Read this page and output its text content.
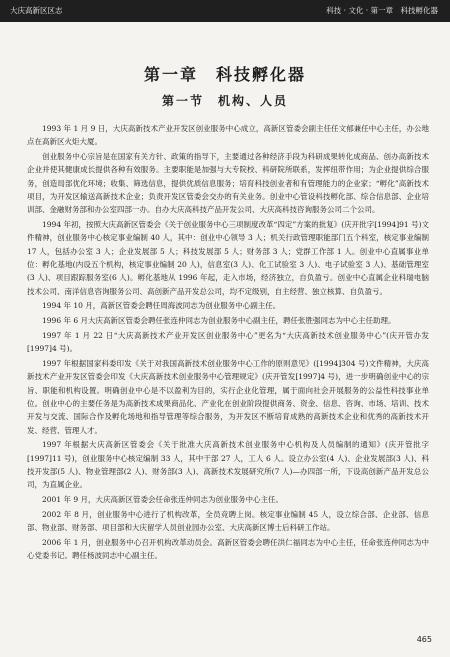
大庆高新区区志	科技 · 文化 · 第一章　科技孵化器
第一章　科技孵化器
第一节　机构、人员

1993 年 1 月 9 日，大庆高新技术产业开发区创业服务中心成立，高新区管委会副主任任文郁兼任中心主任，办公地点在高新区火炬大厦。

创业服务中心宗旨是在国家有关方针、政策的指导下，主要通过各种经济手段为科研成果转化成商品、创办高新技术企业并使其健康成长提供各种有效服务。主要职能是加强与大专院校、科研院所联系，发挥纽带作用；为企业提供综合服务，创造局部优化环境；收集、筛选信息，提供优质信息服务；培育科技创业者和有管理能力的企业家；“孵化”高新技术项目，为开发区输送高新技术企业；负责开发区管委会交办的有关业务。创业中心管设科技孵化部、综合信息部、企业培训部、金融财务部和办公室四部一办。自办大庆高科技产品开发公司、大庆高科技咨询服务公司二个公司。

1994 年初，按照大庆高新区管委会《关于创业服务中心三项制度改革“四定”方案的批复》(庆开批字[1994]91 号)文件精神，创业服务中心核定事业编制 40 人，其中：创业中心领导 3 人；机关行政管理职能部门五个科室，核定事业编制 17 人，包括办公室 3 人；企业发展部 5 人；科技发展部 5 人；财务部 3 人；党群工作部 1 人。创业中心直属事业单位：孵化基地(内设五个机构，核定事业编制 20 人)，信息室(3 人)、化工试验室 3 人)、电子试验室 3 人)、基础管理室(3 人)、项目跟踪服务室(6 人)。孵化基地从 1996 年起，走入市场，经济独立，自负盈亏。创业中心直属企业科瑞电脑技术公司、南洋信息咨询服务公司、高创新产品开发总公司，均不定级别，自主经营、独立核算、自负盈亏。

1994 年 10 月，高新区管委会聘任周海波同志为创业服务中心副主任。

1996 年 6 月大庆高新区管委会聘任张连仲同志为创业服务中心副主任，聘任张胜强同志为中心主任助理。

1997 年 1 月 22 日“大庆高新技术产业开发区创业服务中心”更名为“大庆高新技术创业服务中心”(庆开管办发[1997]4 号)。

1997 年根据国家科委印发《关于对我国高新技术创业服务中心工作的原则意见》([1994]304 号)文件精神，大庆高新技术产业开发区管委会印发《大庆高新技术创业服务中心管理规定》(庆开管发[1997]4 号)，进一步明确创业中心的宗旨、职能和机构设置。明确创业中心是不以盈利为目的，实行企业化管理，属于面向社会开展服务的公益性科技事业单位。创业中心的主要任务是为高新技术成果商品化、产业化在创业阶段提供商务、资金、信息、咨询、市场、培训、技术开发与交流、国际合作及孵化场地和指导管理等综合服务，为开发区不断培育成熟的高新技术企业和优秀的高新技术开发、经营、管理人才。

1997 年根据大庆高新区管委会《关于批准大庆高新技术创业服务中心机构及人员编制的通知》(庆开管批字[1997]11 号)，创业服务中心核定编制 33 人，其中干部 27 人，工人 6 人。设立办公室(4 人)、企业发展部(3 人)、科技开发部(5 人)、物业管理部(2 人)、财务部(3 人)、高新技术发展研究所(7 人)—办四部一所，下设高创新产品开发总公司，为直属企业。

2001 年 9 月，大庆高新区管委会任命张连仲同志为创业服务中心主任。

2002 年 8 月，创业服务中心进行了机构改革，全员竞聘上岗。核定事业编制 45 人，设立综合部、企业部、信息部、物业部、财务部、项目部和大庆留学人员创业园办公室、大庆高新区博士后科研工作站。

2006 年 1 月，创业服务中心召开机构改革动员会。高新区管委会聘任洪仁福同志为中心主任，任命张连仲同志为中心党委书记。聘任杨波同志中心副主任。

465
